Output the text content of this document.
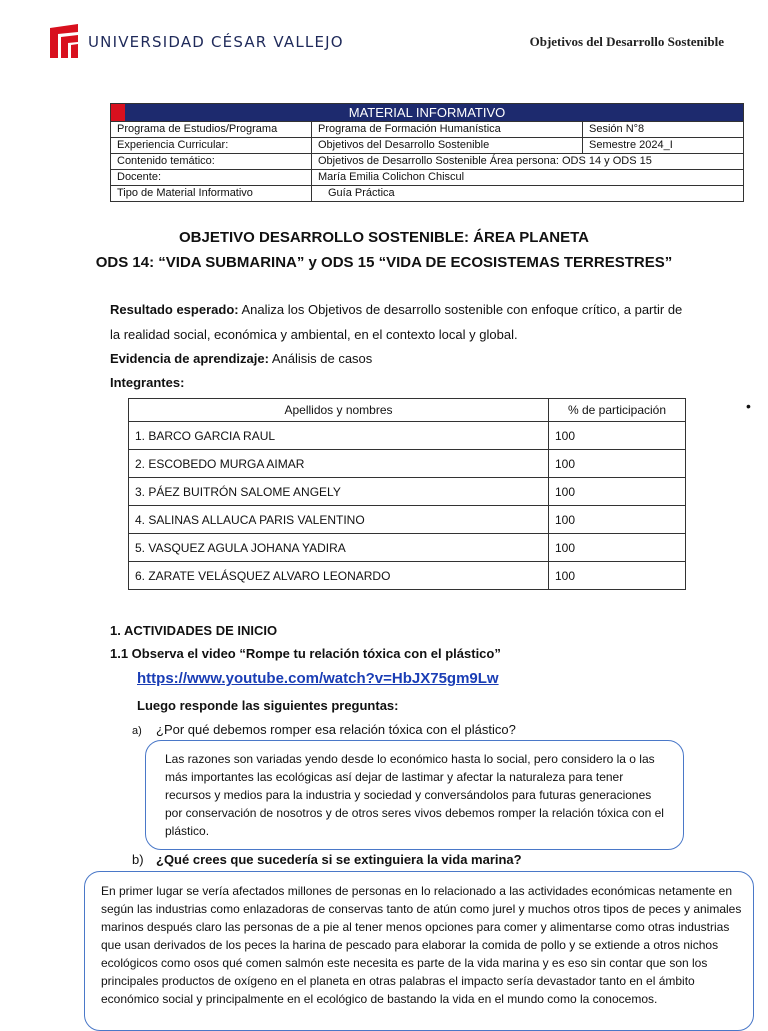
UNIVERSIDAD CÉSAR VALLEJO	Objetivos del Desarrollo Sostenible
MATERIAL INFORMATIVO		
Programa de Estudios/Programa	Programa de Formación Humanística	Sesión N°8
Experiencia Curricular:	Objetivos del Desarrollo Sostenible	Semestre 2024_I
Contenido temático:	Objetivos de Desarrollo Sostenible Área persona: ODS 14 y ODS 15	
Docente:	María Emilia Colichon Chiscul	
Tipo de Material Informativo	Guía Práctica	
OBJETIVO DESARROLLO SOSTENIBLE: ÁREA PLANETA
ODS 14: “VIDA SUBMARINA” y ODS 15 “VIDA DE ECOSISTEMAS TERRESTRES”
Resultado esperado: Analiza los Objetivos de desarrollo sostenible con enfoque crítico, a partir de
la realidad social, económica y ambiental, en el contexto local y global.
Evidencia de aprendizaje: Análisis de casos
Integrantes:
•
Apellidos y nombres	% de participación
1. BARCO GARCIA RAUL	100
2. ESCOBEDO MURGA AIMAR	100
3. PÁEZ BUITRÓN SALOME ANGELY	100
4. SALINAS ALLAUCA PARIS VALENTINO	100
5. VASQUEZ AGULA JOHANA YADIRA	100
6. ZARATE VELÁSQUEZ ALVARO LEONARDO	100
1. ACTIVIDADES DE INICIO
1.1 Observa el video “Rompe tu relación tóxica con el plástico”
https://www.youtube.com/watch?v=HbJX75gm9Lw
Luego responde las siguientes preguntas:
a) ¿Por qué debemos romper esa relación tóxica con el plástico?
Las razones son variadas yendo desde lo económico hasta lo social, pero considero la o las más importantes las ecológicas así dejar de lastimar y afectar la naturaleza para tener recursos y medios para la industria y sociedad y conversándolos para futuras generaciones por conservación de nosotros y de otros seres vivos debemos romper la relación tóxica con el plástico.
b) ¿Qué crees que sucedería si se extinguiera la vida marina?
En primer lugar se vería afectados millones de personas en lo relacionado a las actividades económicas netamente en según las industrias como enlazadoras de conservas tanto de atún como jurel y muchos otros tipos de peces y animales marinos después claro las personas de a pie al tener menos opciones para comer y alimentarse como otras industrias que usan derivados de los peces la harina de pescado para elaborar la comida de pollo y se extiende a otros nichos ecológicos como osos qué comen salmón este necesita es parte de la vida marina y es eso sin contar que son los principales productos de oxígeno en el planeta en otras palabras el impacto sería devastador tanto en el ámbito económico social y principalmente en el ecológico de bastando la vida en el mundo como la conocemos.
